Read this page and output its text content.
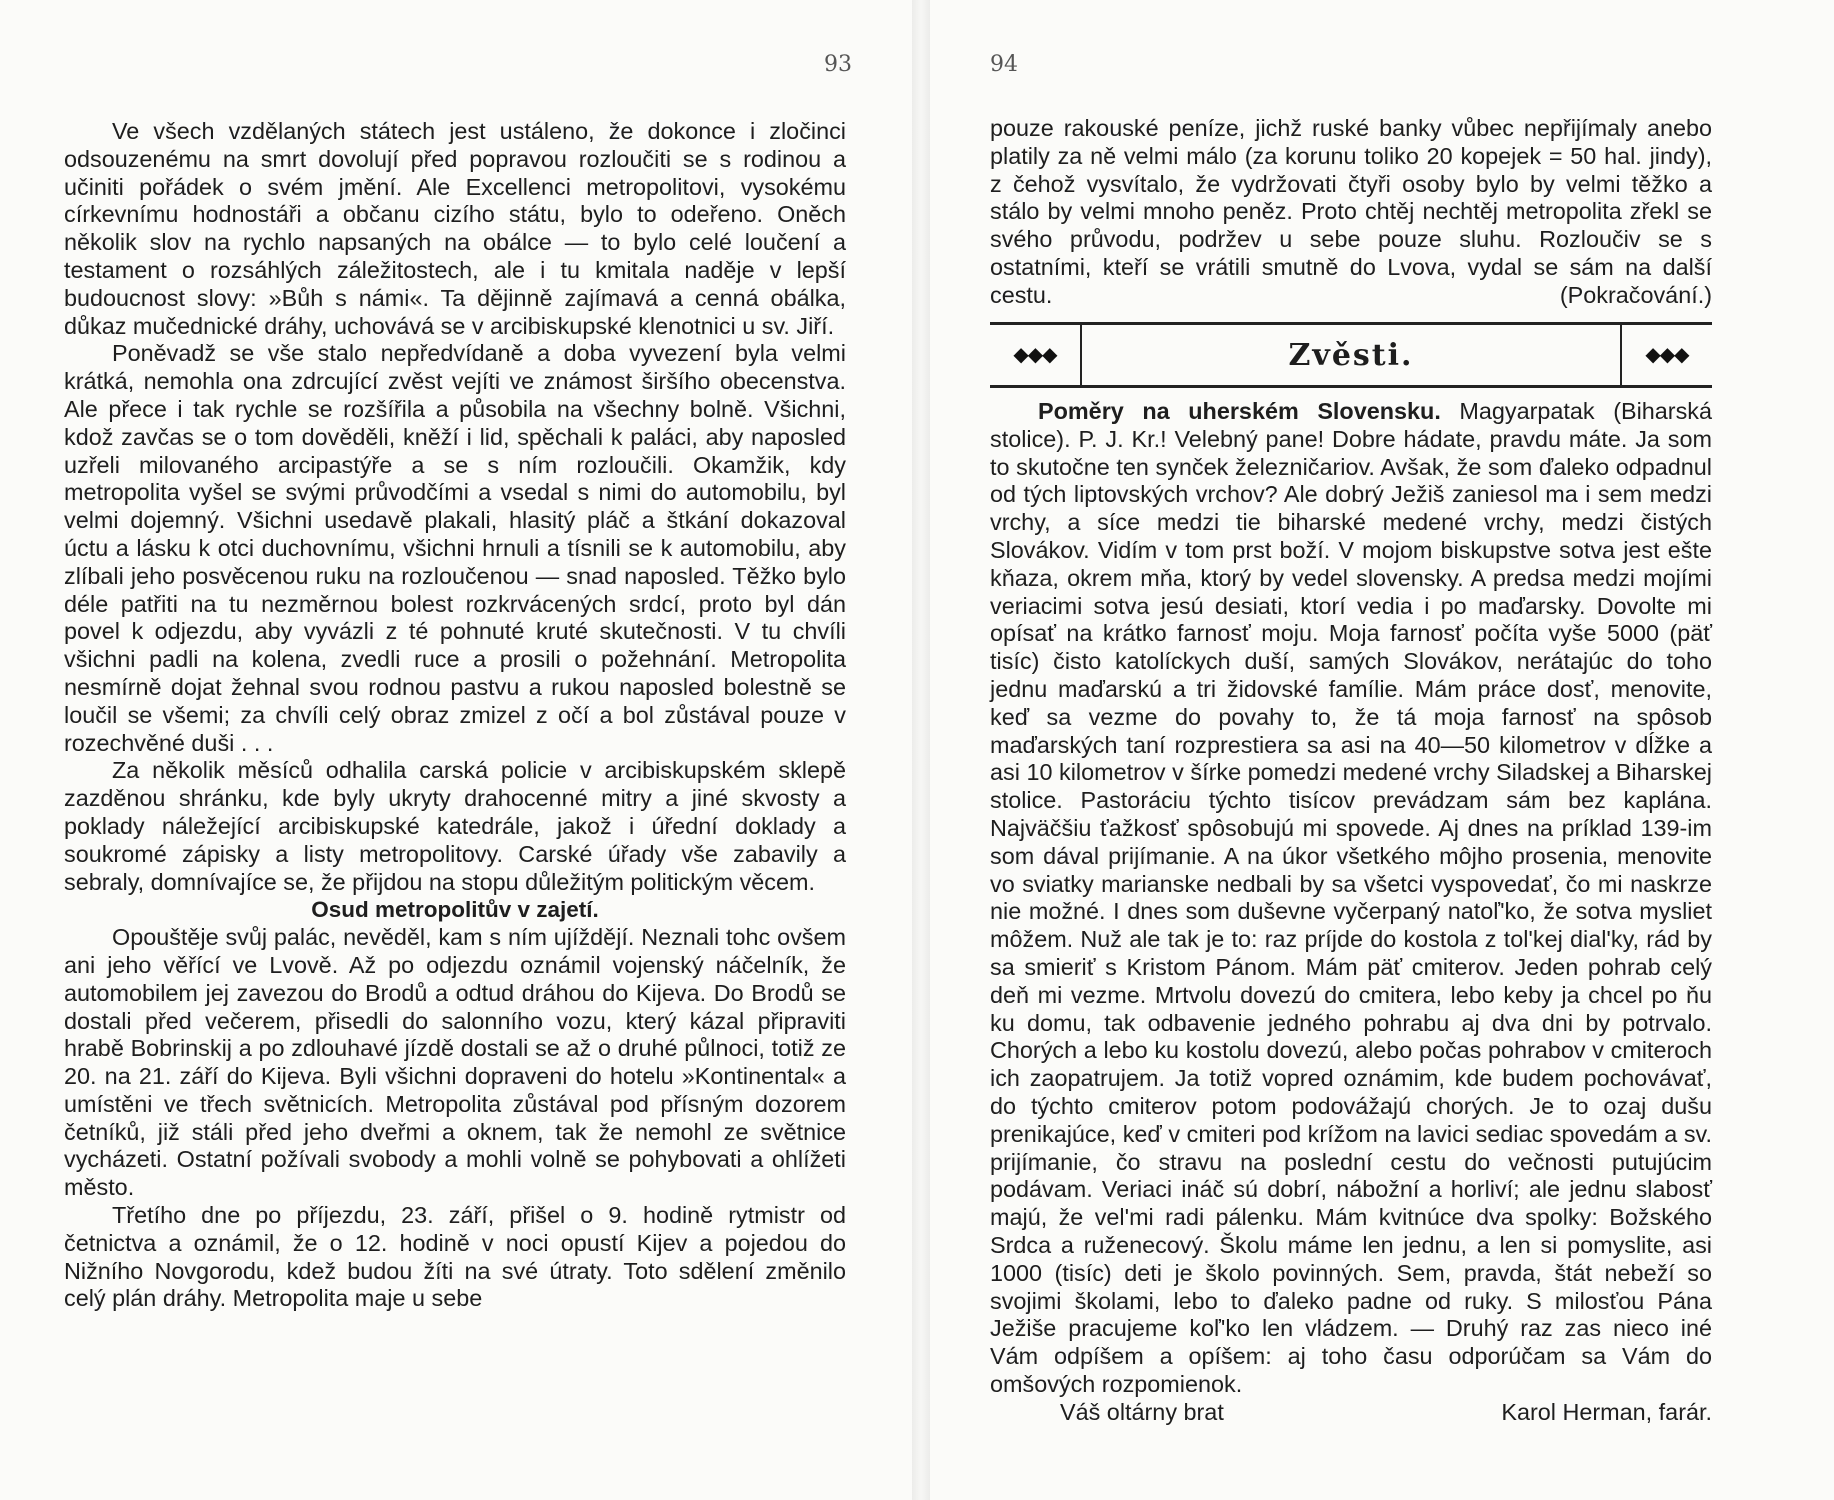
93

Ve všech vzdělaných státech jest ustáleno, že dokonce i zločinci odsouzenému na smrt dovolují před popravou rozloučiti se s rodinou a učiniti pořádek o svém jmění. Ale Excellenci metropolitovi, vysokému církevnímu hodnostáři a občanu cizího státu, bylo to odeřeno. Oněch několik slov na rychlo napsaných na obálce — to bylo celé loučení a testament o rozsáhlých záležitostech, ale i tu kmitala naděje v lepší budoucnost slovy: »Bůh s námi«. Ta dějinně zajímavá a cenná obálka, důkaz mučednické dráhy, uchovává se v arcibiskupské klenotnici u sv. Jiří.

Poněvadž se vše stalo nepředvídaně a doba vyvezení byla velmi krátká, nemohla ona zdrcující zvěst vejíti ve známost širšího obecenstva. Ale přece i tak rychle se rozšířila a působila na všechny bolně. Všichni, kdož zavčas se o tom dověděli, kněží i lid, spěchali k paláci, aby naposled uzřeli milovaného arcipastýře a se s ním rozloučili. Okamžik, kdy metropolita vyšel se svými průvodčími a vsedal s nimi do automobilu, byl velmi dojemný. Všichni usedavě plakali, hlasitý pláč a štkání dokazoval úctu a lásku k otci duchovnímu, všichni hrnuli a tísnili se k automobilu, aby zlíbali jeho posvěcenou ruku na rozloučenou — snad naposled. Těžko bylo déle patřiti na tu nezměrnou bolest rozkrvácených srdcí, proto byl dán povel k odjezdu, aby vyvázli z té pohnuté kruté skutečnosti. V tu chvíli všichni padli na kolena, zvedli ruce a prosili o požehnání. Metropolita nesmírně dojat žehnal svou rodnou pastvu a rukou naposled bolestně se loučil se všemi; za chvíli celý obraz zmizel z očí a bol zůstával pouze v rozechvěné duši . . .

Za několik měsíců odhalila carská policie v arcibiskupském sklepě zazděnou shránku, kde byly ukryty drahocenné mitry a jiné skvosty a poklady náležející arcibiskupské katedrále, jakož i úřední doklady a soukromé zápisky a listy metropolitovy. Carské úřady vše zabavily a sebraly, domnívajíce se, že přijdou na stopu důležitým politickým věcem.

Osud metropolitův v zajetí.

Opouštěje svůj palác, nevěděl, kam s ním ujíždějí. Neznali tohc ovšem ani jeho věřící ve Lvově. Až po odjezdu oznámil vojenský náčelník, že automobilem jej zavezou do Brodů a odtud dráhou do Kijeva. Do Brodů se dostali před večerem, přisedli do salonního vozu, který kázal připraviti hrabě Bobrinskij a po zdlouhavé jízdě dostali se až o druhé půlnoci, totiž ze 20. na 21. září do Kijeva. Byli všichni dopraveni do hotelu »Kontinental« a umístěni ve třech světnicích. Metropolita zůstával pod přísným dozorem četníků, již stáli před jeho dveřmi a oknem, tak že nemohl ze světnice vycházeti. Ostatní požívali svobody a mohli volně se pohybovati a ohlížeti město.

Třetího dne po příjezdu, 23. září, přišel o 9. hodině rytmistr od četnictva a oznámil, že o 12. hodině v noci opustí Kijev a pojedou do Nižního Novgorodu, kdež budou žíti na své útraty. Toto sdělení změnilo celý plán dráhy. Metropolita maje u sebe

94

pouze rakouské peníze, jichž ruské banky vůbec nepřijímaly anebo platily za ně velmi málo (za korunu toliko 20 kopejek = 50 hal. jindy), z čehož vysvítalo, že vydržovati čtyři osoby bylo by velmi těžko a stálo by velmi mnoho peněz. Proto chtěj nechtěj metropolita zřekl se svého průvodu, podržev u sebe pouze sluhu. Rozloučiv se s ostatními, kteří se vrátili smutně do Lvova, vydal se sám na další cestu.	(Pokračování.)

◆◆◆	Zvěsti.	◆◆◆

Poměry na uherském Slovensku. Magyarpatak (Biharská stolice). P. J. Kr.! Velebný pane! Dobre hádate, pravdu máte. Ja som to skutočne ten synček železničariov. Avšak, že som ďaleko odpadnul od tých liptovských vrchov? Ale dobrý Ježiš zaniesol ma i sem medzi vrchy, a síce medzi tie biharské medené vrchy, medzi čistých Slovákov. Vidím v tom prst boží. V mojom biskupstve sotva jest ešte kňaza, okrem mňa, ktorý by vedel slovensky. A predsa medzi mojími veriacimi sotva jesú desiati, ktorí vedia i po maďarsky. Dovolte mi opísať na krátko farnosť moju. Moja farnosť počíta vyše 5000 (päť tisíc) čisto katolíckych duší, samých Slovákov, nerátajúc do toho jednu maďarskú a tri židovské famílie. Mám práce dosť, menovite, keď sa vezme do povahy to, že tá moja farnosť na spôsob maďarských taní rozprestiera sa asi na 40—50 kilometrov v dĺžke a asi 10 kilometrov v šírke pomedzi medené vrchy Siladskej a Biharskej stolice. Pastoráciu týchto tisícov prevádzam sám bez kaplána. Najväčšiu ťažkosť spôsobujú mi spovede. Aj dnes na príklad 139-im som dával prijímanie. A na úkor všetkého môjho prosenia, menovite vo sviatky marianske nedbali by sa všetci vyspovedať, čo mi naskrze nie možné. I dnes som duševne vyčerpaný natoľ'ko, že sotva mysliet môžem. Nuž ale tak je to: raz príjde do kostola z tol'kej dial'ky, rád by sa smieriť s Kristom Pánom. Mám päť cmiterov. Jeden pohrab celý deň mi vezme. Mrtvolu dovezú do cmitera, lebo keby ja chcel po ňu ku domu, tak odbavenie jedného pohrabu aj dva dni by potrvalo. Chorých a lebo ku kostolu dovezú, alebo počas pohrabov v cmiteroch ich zaopatrujem. Ja totiž vopred oznámim, kde budem pochovávať, do týchto cmiterov potom podovážajú chorých. Je to ozaj dušu prenikajúce, keď v cmiteri pod krížom na lavici sediac spovedám a sv. prijímanie, čo stravu na poslední cestu do večnosti putujúcim podávam. Veriaci ináč sú dobrí, nábožní a horliví; ale jednu slabosť majú, že vel'mi radi pálenku. Mám kvitnúce dva spolky: Božského Srdca a ruženecový. Školu máme len jednu, a len si pomyslite, asi 1000 (tisíc) deti je školo povinných. Sem, pravda, štát nebeží so svojimi školami, lebo to ďaleko padne od ruky. S milosťou Pána Ježiše pracujeme koľ'ko len vládzem. — Druhý raz zas nieco iné Vám odpíšem a opíšem: aj toho času odporúčam sa Vám do omšových rozpomienok.

Váš oltárny brat	Karol Herman, farár.
